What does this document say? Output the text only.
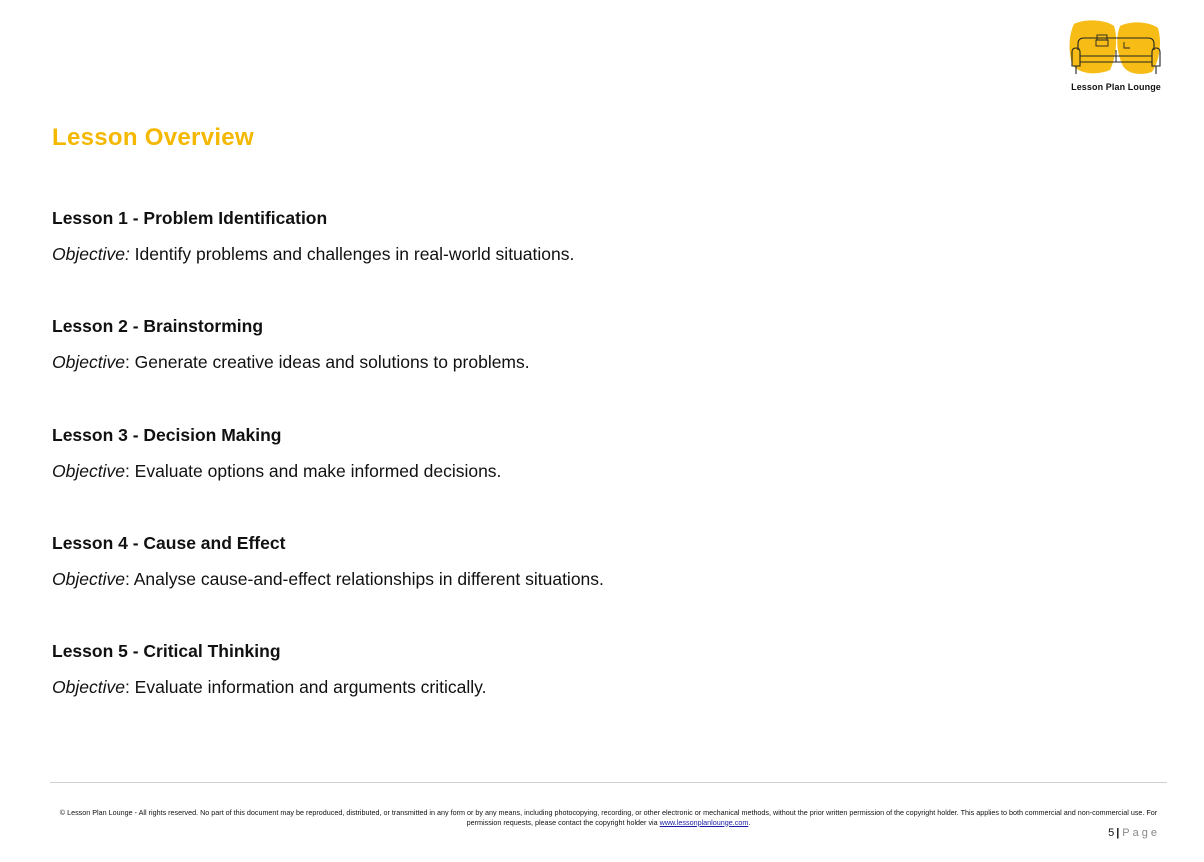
Lesson Plan Lounge
Lesson Overview

Lesson 1 - Problem Identification

Objective: Identify problems and challenges in real-world situations.

Lesson 2 - Brainstorming

Objective: Generate creative ideas and solutions to problems.

Lesson 3 - Decision Making

Objective: Evaluate options and make informed decisions.

Lesson 4 - Cause and Effect

Objective: Analyse cause-and-effect relationships in different situations.

Lesson 5 - Critical Thinking

Objective: Evaluate information and arguments critically.

© Lesson Plan Lounge - All rights reserved. No part of this document may be reproduced, distributed, or transmitted in any form or by any means, including photocopying, recording, or other electronic or mechanical methods, without the prior written permission of the copyright holder. This applies to both commercial and non-commercial use. For permission requests, please contact the copyright holder via www.lessonplanlounge.com.
5 | Page
